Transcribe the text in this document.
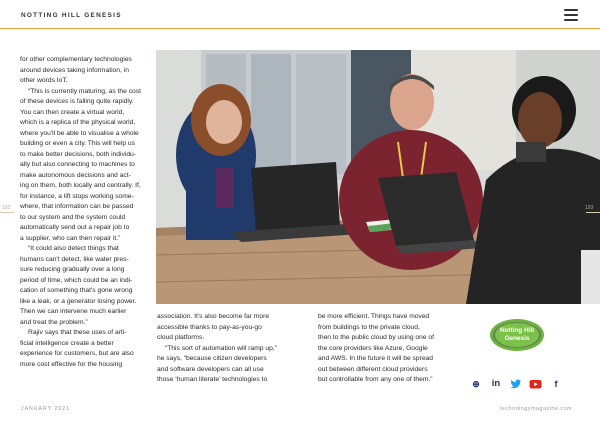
NOTTING HILL GENESIS

for other complementary technologies

around devices taking information, in

other words IoT.

“This is currently maturing, as the cost

of these devices is falling quite rapidly.

You can then create a virtual world,

which is a replica of the physical world,

where you'll be able to visualise a whole

building or even a city. This will help us

to make better decisions, both individu-

ally but also connecting to machines to

make autonomous decisions and act-

ing on them, both locally and centrally. If,

for instance, a lift stops working some-

where, that information can be passed

to our system and the system could

automatically send out a repair job to

a supplier, who can then repair it.”

“It could also detect things that

humans can't detect, like water pres-

sure reducing gradually over a long

period of time, which could be an indi-

cation of something that's gone wrong

like a leak, or a generator losing power.

Then we can intervene much earlier

and treat the problem.”

Rajiv says that these uses of arti-

ficial intelligence create a better

experience for customers, but are also

more cost effective for the housing

association. It's also become far more

accessible thanks to pay-as-you-go

cloud platforms.

“This sort of automation will ramp up,”

he says, “because citizen developers

and software developers can all use

those ‘human literate’ technologies to

be more efficient. Things have moved

from buildings to the private cloud,

then to the public cloud by using one of

the core providers like Azure, Google

and AWS. In the future it will be spread

out between different cloud providers

but controllable from any one of them.”

192	193
Notting Hill
Genesis
⊕ in	f
JANUARY 2021	technologymagazine.com
